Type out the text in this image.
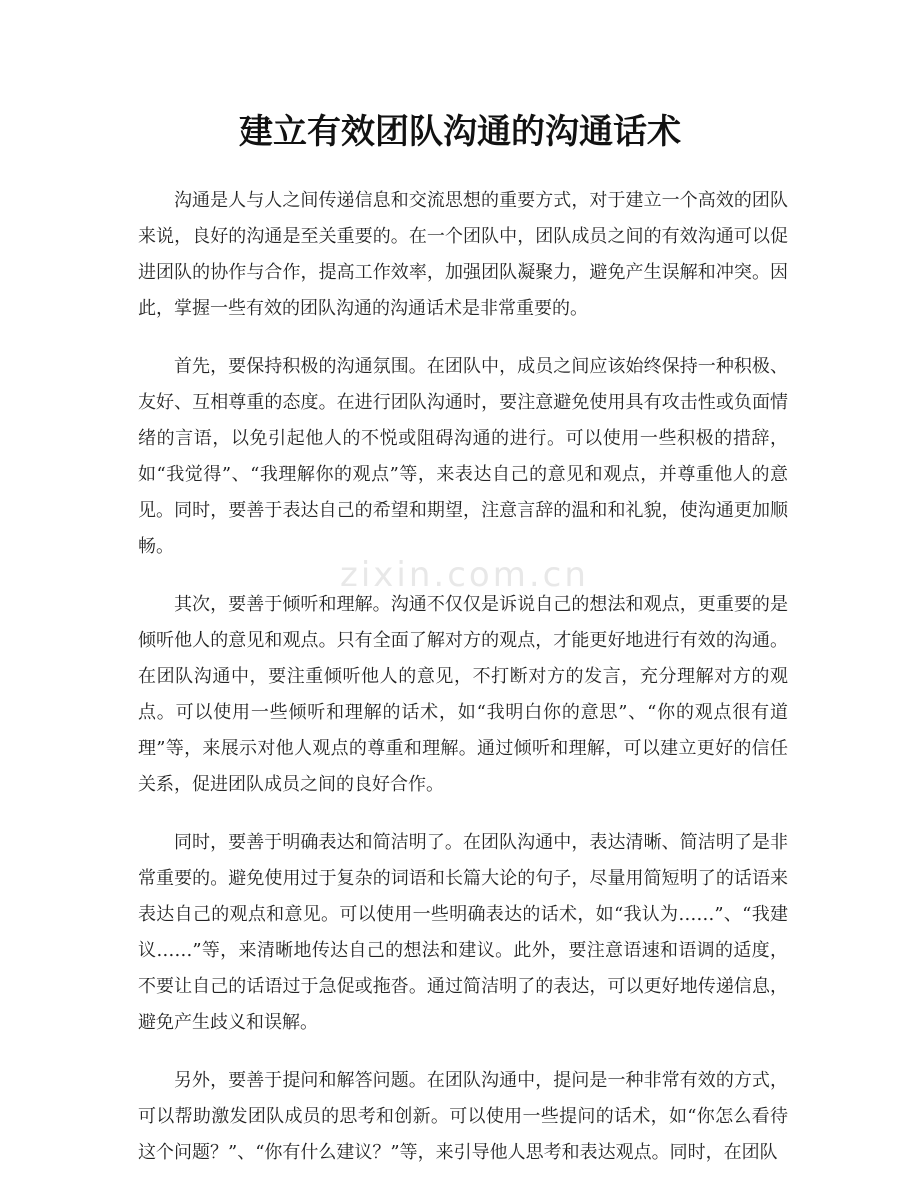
建立有效团队沟通的沟通话术

沟通是人与人之间传递信息和交流思想的重要方式，对于建立一个高效的团队来说，良好的沟通是至关重要的。在一个团队中，团队成员之间的有效沟通可以促进团队的协作与合作，提高工作效率，加强团队凝聚力，避免产生误解和冲突。因此，掌握一些有效的团队沟通的沟通话术是非常重要的。

首先，要保持积极的沟通氛围。在团队中，成员之间应该始终保持一种积极、友好、互相尊重的态度。在进行团队沟通时，要注意避免使用具有攻击性或负面情绪的言语，以免引起他人的不悦或阻碍沟通的进行。可以使用一些积极的措辞，如“我觉得”、“我理解你的观点”等，来表达自己的意见和观点，并尊重他人的意见。同时，要善于表达自己的希望和期望，注意言辞的温和和礼貌，使沟通更加顺畅。

其次，要善于倾听和理解。沟通不仅仅是诉说自己的想法和观点，更重要的是倾听他人的意见和观点。只有全面了解对方的观点，才能更好地进行有效的沟通。在团队沟通中，要注重倾听他人的意见，不打断对方的发言，充分理解对方的观点。可以使用一些倾听和理解的话术，如“我明白你的意思”、“你的观点很有道理”等，来展示对他人观点的尊重和理解。通过倾听和理解，可以建立更好的信任关系，促进团队成员之间的良好合作。

同时，要善于明确表达和简洁明了。在团队沟通中，表达清晰、简洁明了是非常重要的。避免使用过于复杂的词语和长篇大论的句子，尽量用简短明了的话语来表达自己的观点和意见。可以使用一些明确表达的话术，如“我认为……”、“我建议……”等，来清晰地传达自己的想法和建议。此外，要注意语速和语调的适度，不要让自己的话语过于急促或拖沓。通过简洁明了的表达，可以更好地传递信息，避免产生歧义和误解。

另外，要善于提问和解答问题。在团队沟通中，提问是一种非常有效的方式，可以帮助激发团队成员的思考和创新。可以使用一些提问的话术，如“你怎么看待这个问题？”、“你有什么建议？”等，来引导他人思考和表达观点。同时，在团队

zixin.com.cn
